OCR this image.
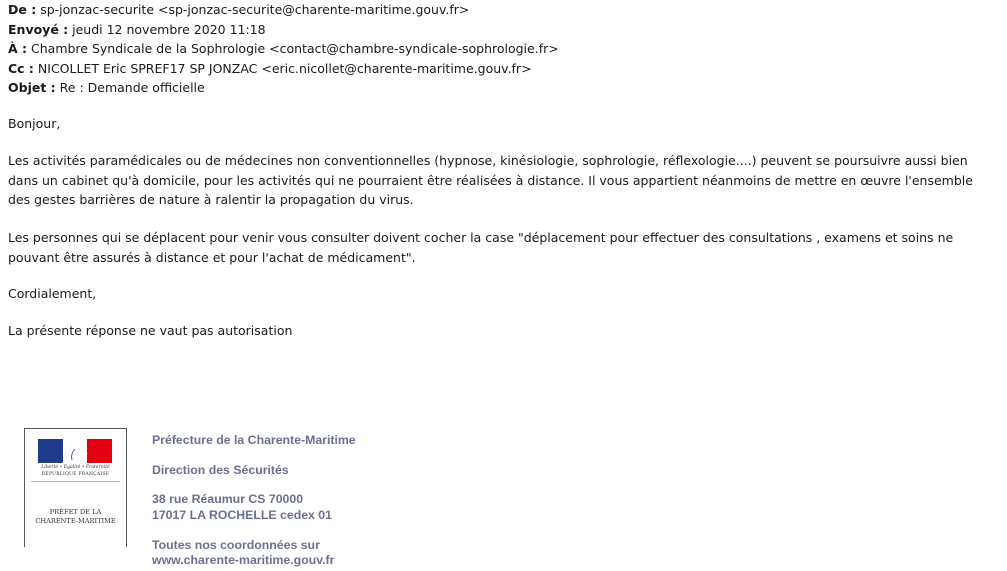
De : sp-jonzac-securite <sp-jonzac-securite@charente-maritime.gouv.fr>
Envoyé : jeudi 12 novembre 2020 11:18
À : Chambre Syndicale de la Sophrologie <contact@chambre-syndicale-sophrologie.fr>
Cc : NICOLLET Eric SPREF17 SP JONZAC <eric.nicollet@charente-maritime.gouv.fr>
Objet : Re : Demande officielle

Bonjour,

Les activités paramédicales ou de médecines non conventionnelles (hypnose, kinésiologie, sophrologie, réflexologie....) peuvent se poursuivre aussi bien dans un cabinet qu'à domicile, pour les activités qui ne pourraient être réalisées à distance. Il vous appartient néanmoins de mettre en œuvre l'ensemble des gestes barrières de nature à ralentir la propagation du virus.

Les personnes qui se déplacent pour venir vous consulter doivent cocher la case "déplacement pour effectuer des consultations , examens et soins ne pouvant être assurés à distance et pour l'achat de médicament".

Cordialement,

La présente réponse ne vaut pas autorisation

Liberté • Égalité • Fraternité
RÉPUBLIQUE FRANÇAISE
PRÉFET DE LA
CHARENTE-MARITIME
Préfecture de la Charente-Maritime
Direction des Sécurités
38 rue Réaumur CS 70000
17017 LA ROCHELLE cedex 01
Toutes nos coordonnées sur
www.charente-maritime.gouv.fr
